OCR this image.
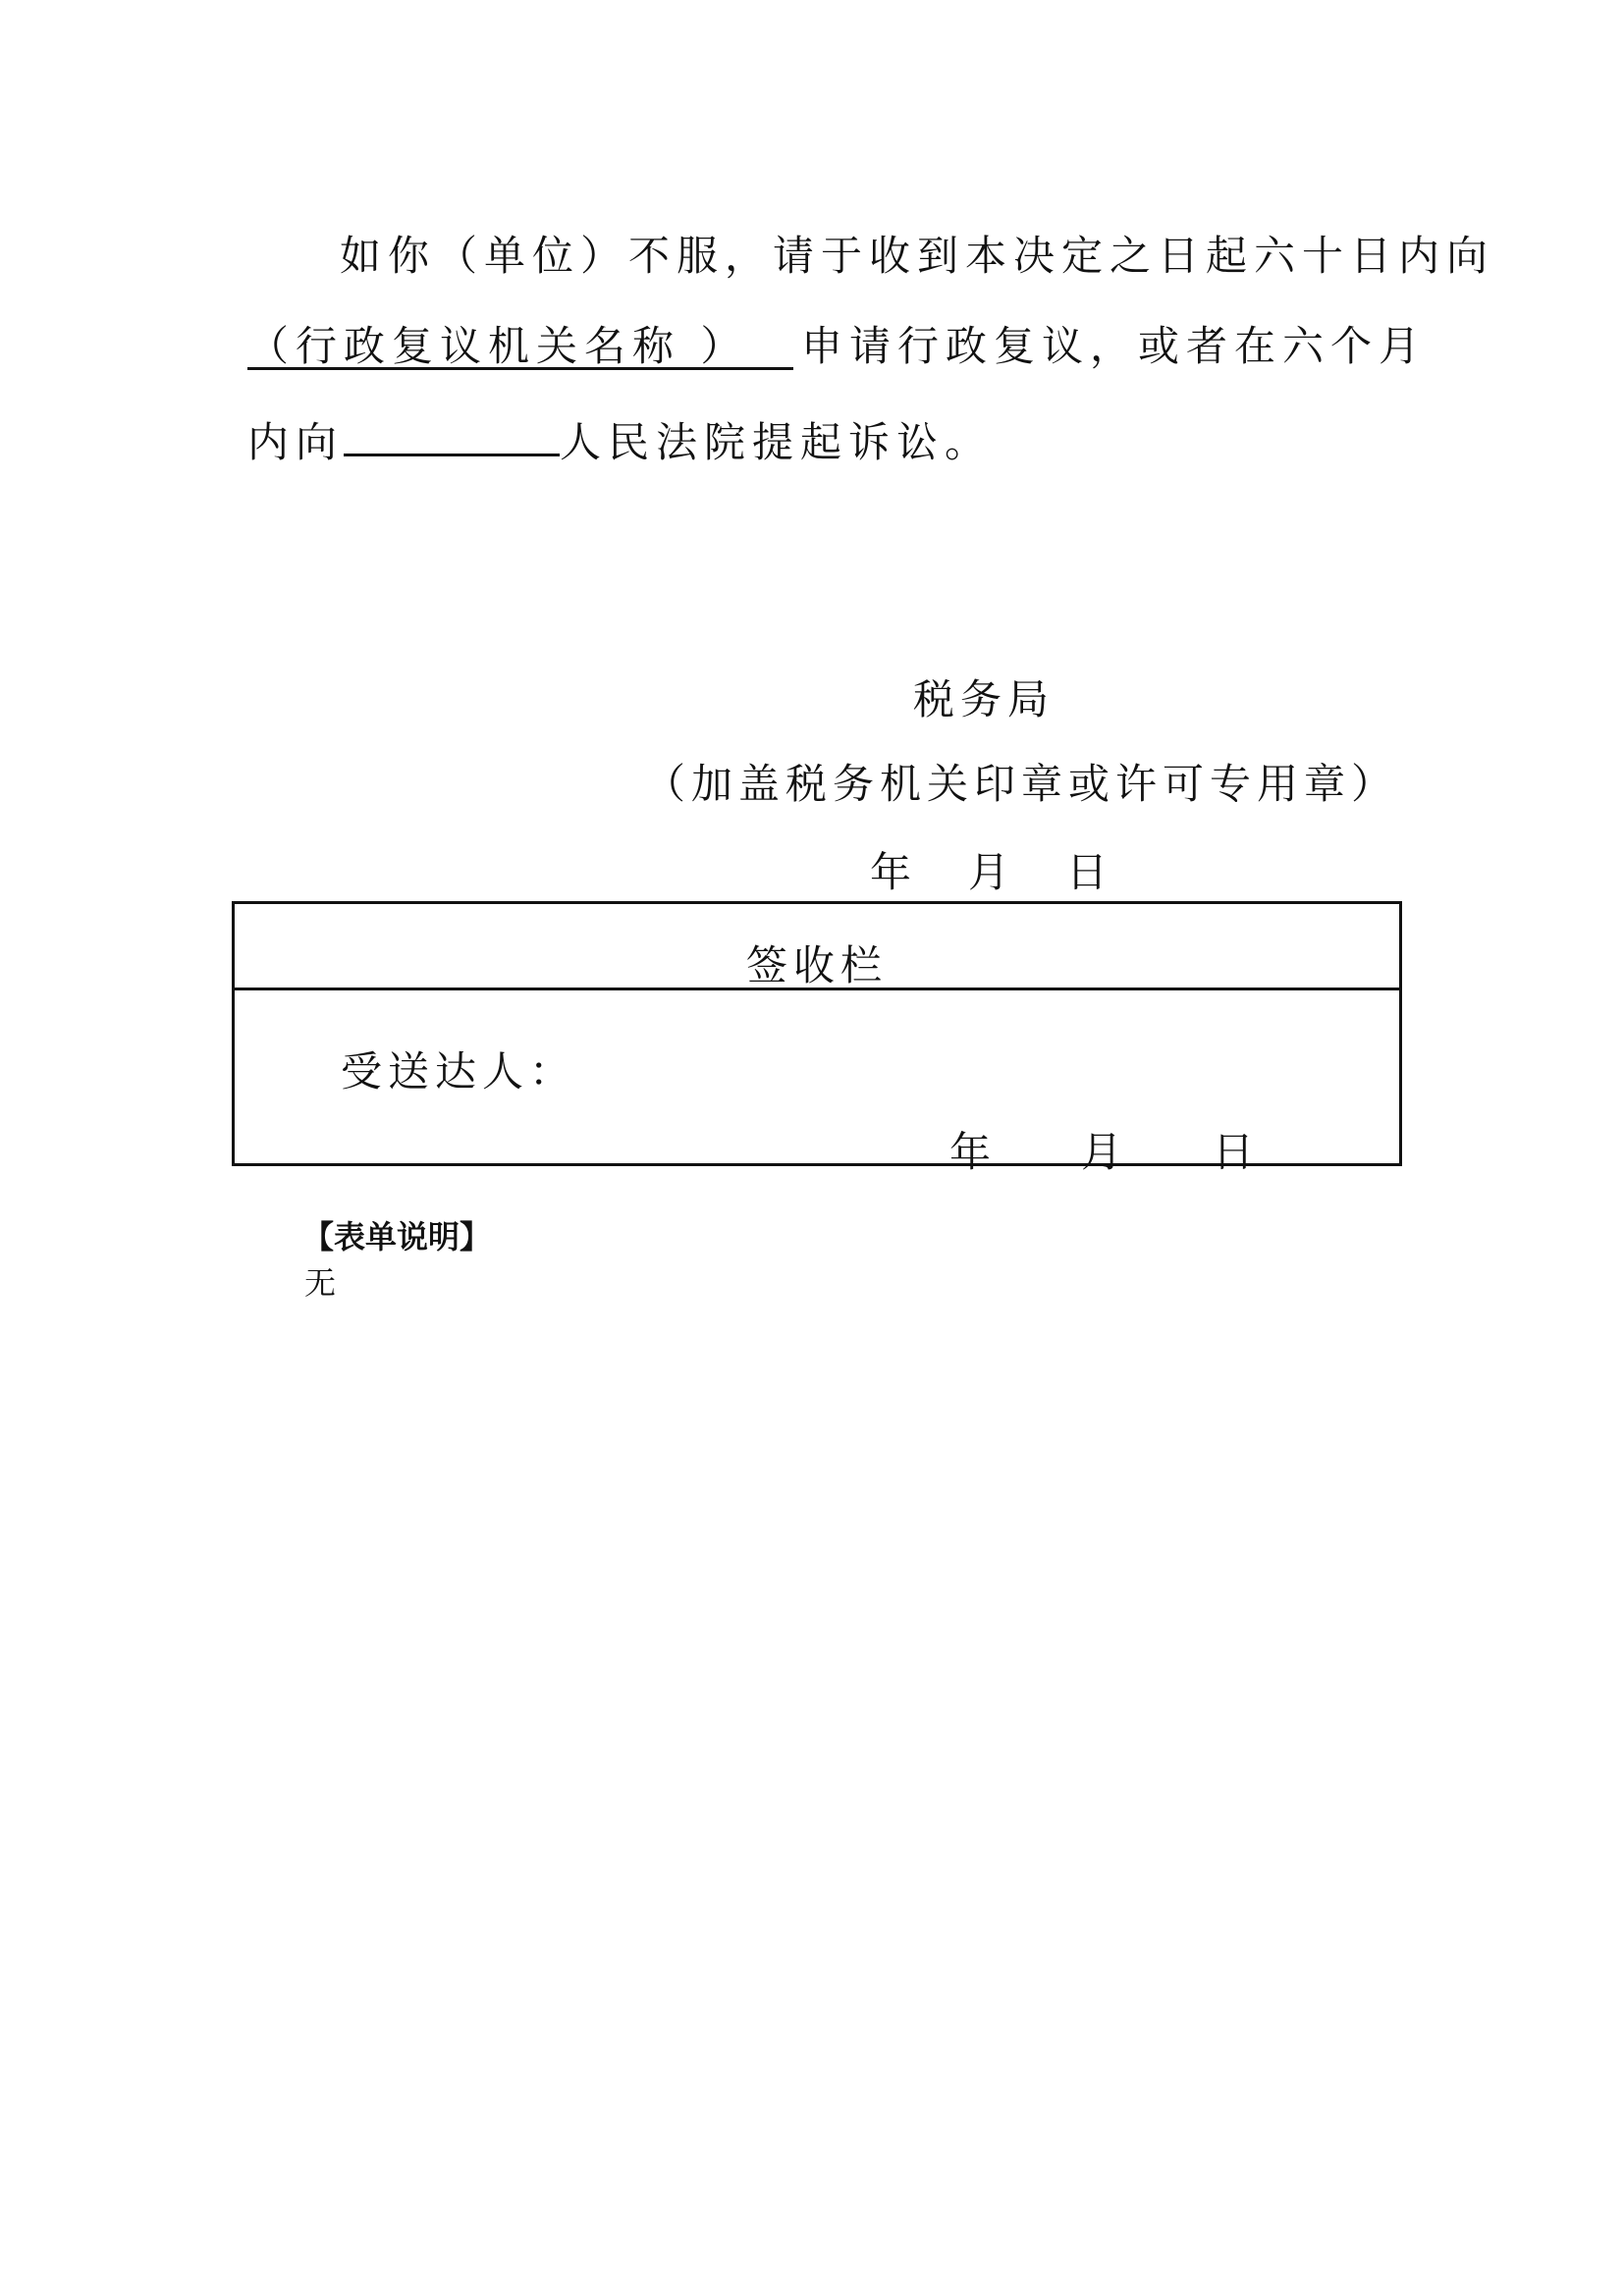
如你（单位）不服，请于收到本决定之日起六十日内向
（行政复议机关名称 ） 申请行政复议，或者在六个月
内向	人民法院提起诉讼。
税务局
（加盖税务机关印章或许可专用章）
年 月 日
签收栏
受送达人：
年 月 日
【表单说明】
无
